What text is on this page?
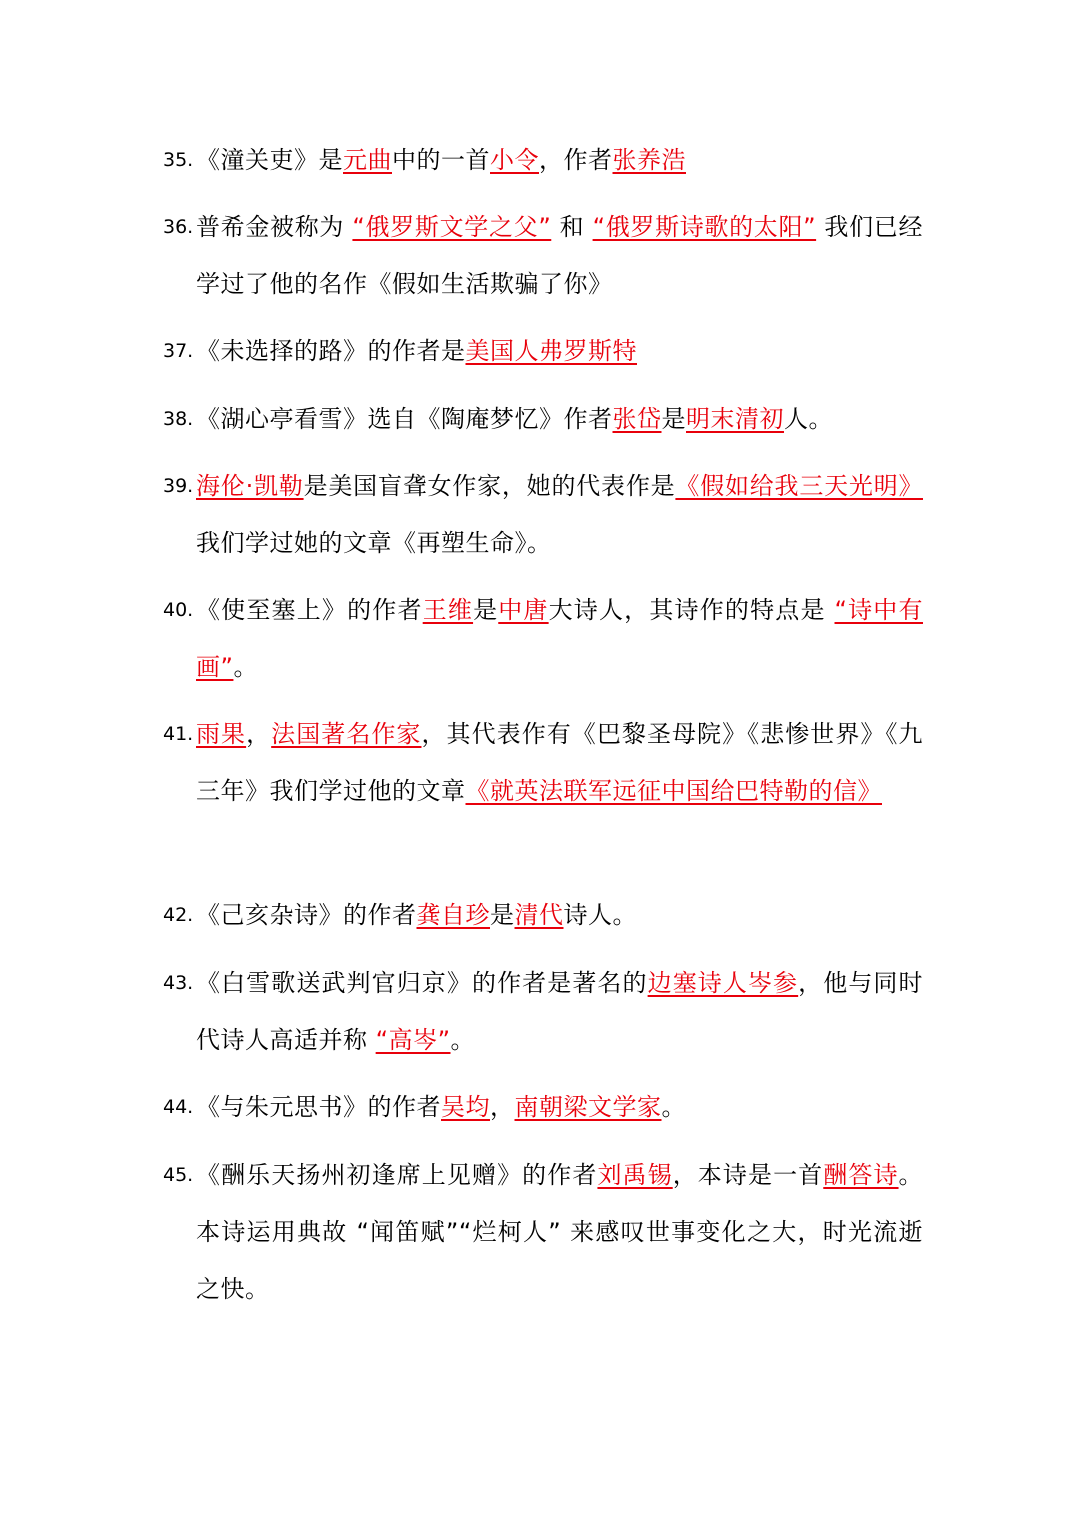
35. 《潼关吏》是元曲中的一首小令，作者张养浩
36. 普希金被称为 “俄罗斯文学之父” 和 “俄罗斯诗歌的太阳” 我们已经学过了他的名作《假如生活欺骗了你》
37. 《未选择的路》的作者是美国人弗罗斯特
38. 《湖心亭看雪》选自《陶庵梦忆》作者张岱是明末清初人。
39. 海伦·凯勒是美国盲聋女作家，她的代表作是《假如给我三天光明》我们学过她的文章《再塑生命》。
40. 《使至塞上》的作者王维是中唐大诗人，其诗作的特点是 “诗中有画”。
41. 雨果，法国著名作家，其代表作有《巴黎圣母院》《悲惨世界》《九三年》我们学过他的文章《就英法联军远征中国给巴特勒的信》
42. 《己亥杂诗》的作者龚自珍是清代诗人。
43. 《白雪歌送武判官归京》的作者是著名的边塞诗人岑参，他与同时代诗人高适并称 “高岑”。
44. 《与朱元思书》的作者吴均，南朝梁文学家。
45. 《酬乐天扬州初逢席上见赠》的作者刘禹锡，本诗是一首酬答诗。本诗运用典故 “闻笛赋”“烂柯人” 来感叹世事变化之大，时光流逝之快。
